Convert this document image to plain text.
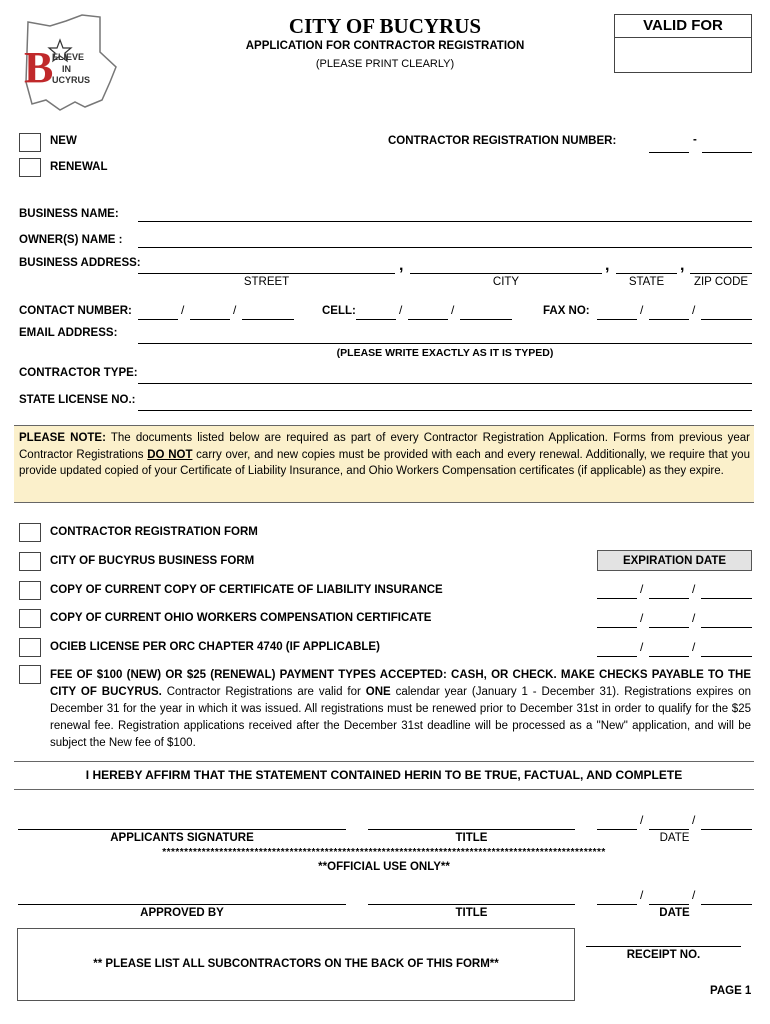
B
ELIEVE
IN
UCYRUS
CITY OF BUCYRUS
APPLICATION FOR CONTRACTOR REGISTRATION
(PLEASE PRINT CLEARLY)
VALID FOR
NEW
RENEWAL
CONTRACTOR REGISTRATION NUMBER:	-
BUSINESS NAME:
OWNER(S) NAME :
BUSINESS ADDRESS:	,	,	,
STREET	CITY	STATE	ZIP CODE
CONTACT NUMBER:	/	/	CELL:	/	/	FAX NO:	/	/
EMAIL ADDRESS:
(PLEASE WRITE EXACTLY AS IT IS TYPED)
CONTRACTOR TYPE:
STATE LICENSE NO.:
PLEASE NOTE: The documents listed below are required as part of every Contractor Registration Application. Forms from previous year Contractor Registrations DO NOT carry over, and new copies must be provided with each and every renewal. Additionally, we require that you provide updated copied of your Certificate of Liability Insurance, and Ohio Workers Compensation certificates (if applicable) as they expire.
CONTRACTOR REGISTRATION FORM
CITY OF BUCYRUS BUSINESS FORM	EXPIRATION DATE
COPY OF CURRENT COPY OF CERTIFICATE OF LIABILITY INSURANCE	/	/
COPY OF CURRENT OHIO WORKERS COMPENSATION CERTIFICATE	/	/
OCIEB LICENSE PER ORC CHAPTER 4740 (IF APPLICABLE)	/	/
FEE OF $100 (NEW) OR $25 (RENEWAL) PAYMENT TYPES ACCEPTED: CASH, OR CHECK. MAKE CHECKS PAYABLE TO THE CITY OF BUCYRUS. Contractor Registrations are valid for ONE calendar year (January 1 - December 31). Registrations expires on December 31 for the year in which it was issued. All registrations must be renewed prior to December 31st in order to qualify for the $25 renewal fee. Registration applications received after the December 31st deadline will be processed as a "New" application, and will be subject the New fee of $100.
I HEREBY AFFIRM THAT THE STATEMENT CONTAINED HERIN TO BE TRUE, FACTUAL, AND COMPLETE
/	/
APPLICANTS SIGNATURE	TITLE	DATE
*****************************************************************************************************
**OFFICIAL USE ONLY**
/	/
APPROVED BY	TITLE	DATE
** PLEASE LIST ALL SUBCONTRACTORS ON THE BACK OF THIS FORM**
RECEIPT NO.
PAGE 1
